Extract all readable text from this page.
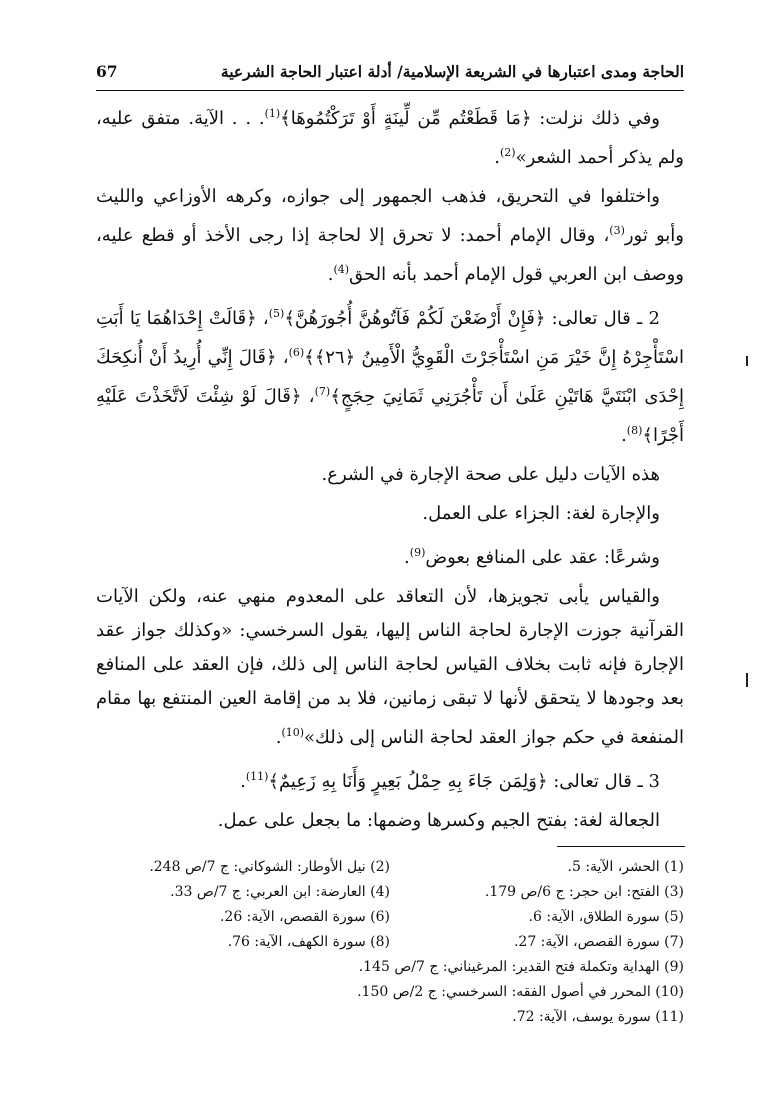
الحاجة ومدى اعتبارها في الشريعة الإسلامية/ أدلة اعتبار الحاجة الشرعية
67

وفي ذلك نزلت: ﴿مَا قَطَعْتُم مِّن لِّينَةٍ أَوْ تَرَكْتُمُوهَا﴾$^{(1)}$. . . الآية. متفق عليه، ولم يذكر أحمد الشعر»$^{(2)}$.

واختلفوا في التحريق، فذهب الجمهور إلى جوازه، وكرهه الأوزاعي والليث وأبو ثور$^{(3)}$، وقال الإمام أحمد: لا تحرق إلا لحاجة إذا رجى الأخذ أو قطع عليه، ووصف ابن العربي قول الإمام أحمد بأنه الحق$^{(4)}$.

2 ـ قال تعالى: ﴿فَإِنْ أَرْضَعْنَ لَكُمْ فَآتُوهُنَّ أُجُورَهُنَّ﴾$^{(5)}$، ﴿قَالَتْ إِحْدَاهُمَا يَا أَبَتِ اسْتَأْجِرْهُ إِنَّ خَيْرَ مَنِ اسْتَأْجَرْتَ الْقَوِيُّ الْأَمِينُ ﴿٢٦﴾﴾$^{(6)}$، ﴿قَالَ إِنِّي أُرِيدُ أَنْ أُنكِحَكَ إِحْدَى ابْنَتَيَّ هَاتَيْنِ عَلَىٰ أَن تَأْجُرَنِي ثَمَانِيَ حِجَجٍ﴾$^{(7)}$، ﴿قَالَ لَوْ شِئْتَ لَاتَّخَذْتَ عَلَيْهِ أَجْرًا﴾$^{(8)}$.

هذه الآيات دليل على صحة الإجارة في الشرع.

والإجارة لغة: الجزاء على العمل.

وشرعًا: عقد على المنافع بعوض$^{(9)}$.

والقياس يأبى تجويزها، لأن التعاقد على المعدوم منهي عنه، ولكن الآيات القرآنية جوزت الإجارة لحاجة الناس إليها، يقول السرخسي: «وكذلك جواز عقد الإجارة فإنه ثابت بخلاف القياس لحاجة الناس إلى ذلك، فإن العقد على المنافع بعد وجودها لا يتحقق لأنها لا تبقى زمانين، فلا بد من إقامة العين المنتفع بها مقام المنفعة في حكم جواز العقد لحاجة الناس إلى ذلك»$^{(10)}$.

3 ـ قال تعالى: ﴿وَلِمَن جَاءَ بِهِ حِمْلُ بَعِيرٍ وَأَنَا بِهِ زَعِيمٌ﴾$^{(11)}$.

الجعالة لغة: بفتح الجيم وكسرها وضمها: ما بجعل على عمل.

(1) الحشر، الآية: 5.
(2) نيل الأوطار: الشوكاني: ج 7/ص 248.
(3) الفتح: ابن حجر: ج 6/ص 179.
(4) العارضة: ابن العربي: ج 7/ص 33.
(5) سورة الطلاق، الآية: 6.
(6) سورة القصص، الآية: 26.
(7) سورة القصص، الآية: 27.
(8) سورة الكهف، الآية: 76.
(9) الهداية وتكملة فتح القدير: المرغيناني: ج 7/ص 145.
(10) المحرر في أصول الفقه: السرخسي: ج 2/ص 150.
(11) سورة يوسف، الآية: 72.
